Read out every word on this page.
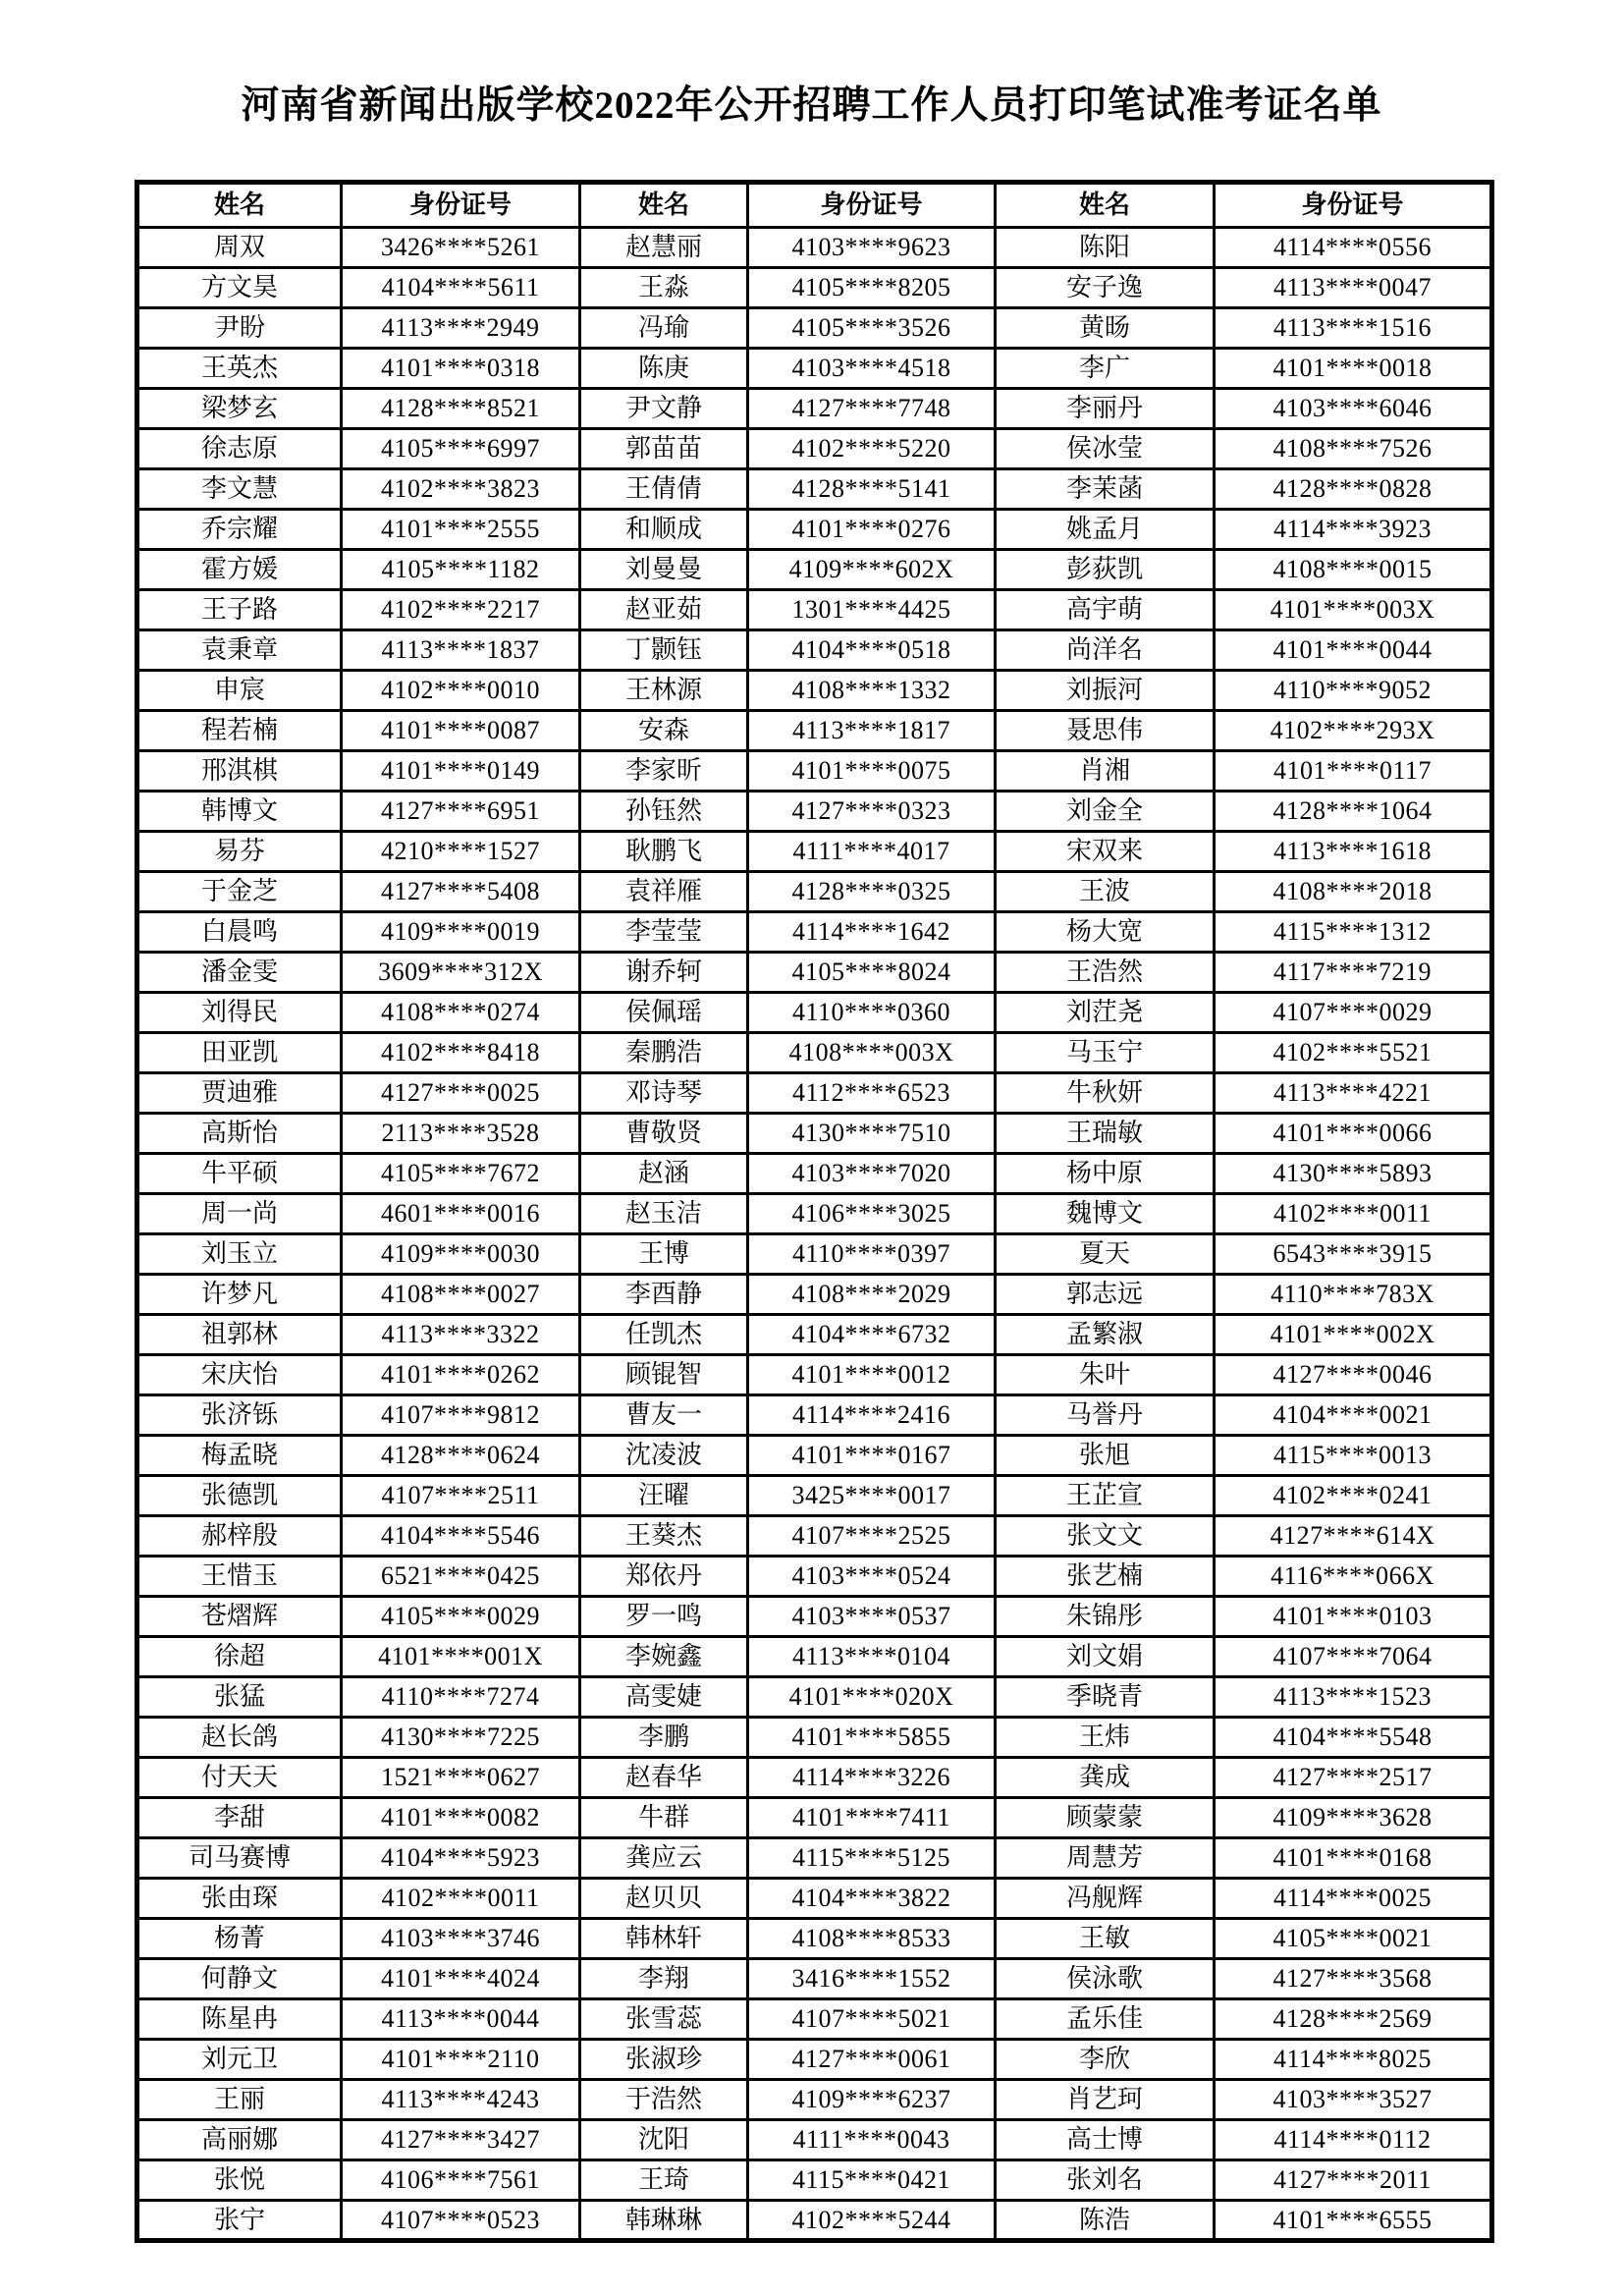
河南省新闻出版学校2022年公开招聘工作人员打印笔试准考证名单
姓名	身份证号	姓名	身份证号	姓名	身份证号
周双	3426****5261	赵慧丽	4103****9623	陈阳	4114****0556
方文昊	4104****5611	王淼	4105****8205	安子逸	4113****0047
尹盼	4113****2949	冯瑜	4105****3526	黄旸	4113****1516
王英杰	4101****0318	陈庚	4103****4518	李广	4101****0018
梁梦玄	4128****8521	尹文静	4127****7748	李丽丹	4103****6046
徐志原	4105****6997	郭苗苗	4102****5220	侯冰莹	4108****7526
李文慧	4102****3823	王倩倩	4128****5141	李茉菡	4128****0828
乔宗耀	4101****2555	和顺成	4101****0276	姚孟月	4114****3923
霍方媛	4105****1182	刘曼曼	4109****602X	彭荻凯	4108****0015
王子路	4102****2217	赵亚茹	1301****4425	高宇萌	4101****003X
袁秉章	4113****1837	丁颢钰	4104****0518	尚洋名	4101****0044
申宸	4102****0010	王林源	4108****1332	刘振河	4110****9052
程若楠	4101****0087	安森	4113****1817	聂思伟	4102****293X
邢淇棋	4101****0149	李家昕	4101****0075	肖湘	4101****0117
韩博文	4127****6951	孙钰然	4127****0323	刘金全	4128****1064
易芬	4210****1527	耿鹏飞	4111****4017	宋双来	4113****1618
于金芝	4127****5408	袁祥雁	4128****0325	王波	4108****2018
白晨鸣	4109****0019	李莹莹	4114****1642	杨大宽	4115****1312
潘金雯	3609****312X	谢乔轲	4105****8024	王浩然	4117****7219
刘得民	4108****0274	侯佩瑶	4110****0360	刘茳尧	4107****0029
田亚凯	4102****8418	秦鹏浩	4108****003X	马玉宁	4102****5521
贾迪雅	4127****0025	邓诗琴	4112****6523	牛秋妍	4113****4221
高斯怡	2113****3528	曹敬贤	4130****7510	王瑞敏	4101****0066
牛平硕	4105****7672	赵涵	4103****7020	杨中原	4130****5893
周一尚	4601****0016	赵玉洁	4106****3025	魏博文	4102****0011
刘玉立	4109****0030	王博	4110****0397	夏天	6543****3915
许梦凡	4108****0027	李酉静	4108****2029	郭志远	4110****783X
祖郭林	4113****3322	任凯杰	4104****6732	孟繁淑	4101****002X
宋庆怡	4101****0262	顾锟智	4101****0012	朱叶	4127****0046
张济铄	4107****9812	曹友一	4114****2416	马誉丹	4104****0021
梅孟晓	4128****0624	沈凌波	4101****0167	张旭	4115****0013
张德凯	4107****2511	汪曜	3425****0017	王芷宣	4102****0241
郝梓殷	4104****5546	王葵杰	4107****2525	张文文	4127****614X
王惜玉	6521****0425	郑依丹	4103****0524	张艺楠	4116****066X
苍熠辉	4105****0029	罗一鸣	4103****0537	朱锦彤	4101****0103
徐超	4101****001X	李婉鑫	4113****0104	刘文娟	4107****7064
张猛	4110****7274	高雯婕	4101****020X	季晓青	4113****1523
赵长鸽	4130****7225	李鹏	4101****5855	王炜	4104****5548
付天天	1521****0627	赵春华	4114****3226	龚成	4127****2517
李甜	4101****0082	牛群	4101****7411	顾蒙蒙	4109****3628
司马赛博	4104****5923	龚应云	4115****5125	周慧芳	4101****0168
张由琛	4102****0011	赵贝贝	4104****3822	冯舰辉	4114****0025
杨菁	4103****3746	韩林轩	4108****8533	王敏	4105****0021
何静文	4101****4024	李翔	3416****1552	侯泳歌	4127****3568
陈星冉	4113****0044	张雪蕊	4107****5021	孟乐佳	4128****2569
刘元卫	4101****2110	张淑珍	4127****0061	李欣	4114****8025
王丽	4113****4243	于浩然	4109****6237	肖艺珂	4103****3527
高丽娜	4127****3427	沈阳	4111****0043	高士博	4114****0112
张悦	4106****7561	王琦	4115****0421	张刘名	4127****2011
张宁	4107****0523	韩琳琳	4102****5244	陈浩	4101****6555
